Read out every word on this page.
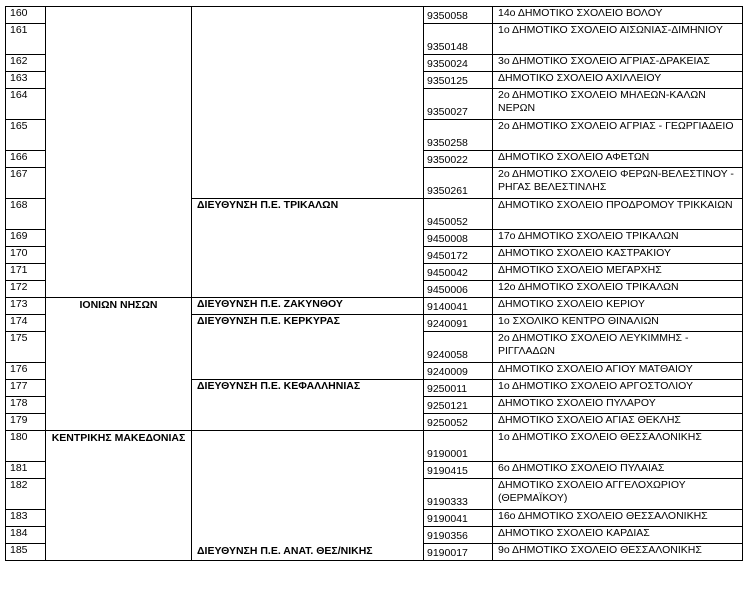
160			9350058	14ο ΔΗΜΟΤΙΚΟ ΣΧΟΛΕΙΟ ΒΟΛΟΥ
161			9350148	1ο ΔΗΜΟΤΙΚΟ ΣΧΟΛΕΙΟ ΑΙΣΩΝΙΑΣ-ΔΙΜΗΝΙΟΥ
162			9350024	3ο ΔΗΜΟΤΙΚΟ ΣΧΟΛΕΙΟ ΑΓΡΙΑΣ-ΔΡΑΚΕΙΑΣ
163			9350125	ΔΗΜΟΤΙΚΟ ΣΧΟΛΕΙΟ ΑΧΙΛΛΕΙΟΥ
164			9350027	2ο ΔΗΜΟΤΙΚΟ ΣΧΟΛΕΙΟ ΜΗΛΕΩΝ-ΚΑΛΩΝ ΝΕΡΩΝ
165			9350258	2ο ΔΗΜΟΤΙΚΟ ΣΧΟΛΕΙΟ ΑΓΡΙΑΣ - ΓΕΩΡΓΙΑΔΕΙΟ
166			9350022	ΔΗΜΟΤΙΚΟ ΣΧΟΛΕΙΟ ΑΦΕΤΩΝ
167			9350261	2ο ΔΗΜΟΤΙΚΟ ΣΧΟΛΕΙΟ ΦΕΡΩΝ-ΒΕΛΕΣΤΙΝΟΥ - ΡΗΓΑΣ ΒΕΛΕΣΤΙΝΛΗΣ
168		ΔΙΕΥΘΥΝΣΗ Π.Ε. ΤΡΙΚΑΛΩΝ	9450052	ΔΗΜΟΤΙΚΟ ΣΧΟΛΕΙΟ ΠΡΟΔΡΟΜΟΥ ΤΡΙΚΚΑΙΩΝ
169			9450008	17ο ΔΗΜΟΤΙΚΟ ΣΧΟΛΕΙΟ ΤΡΙΚΑΛΩΝ
170			9450172	ΔΗΜΟΤΙΚΟ ΣΧΟΛΕΙΟ ΚΑΣΤΡΑΚΙΟΥ
171			9450042	ΔΗΜΟΤΙΚΟ ΣΧΟΛΕΙΟ ΜΕΓΑΡΧΗΣ
172			9450006	12ο ΔΗΜΟΤΙΚΟ ΣΧΟΛΕΙΟ ΤΡΙΚΑΛΩΝ
173	ΙΟΝΙΩΝ ΝΗΣΩΝ	ΔΙΕΥΘΥΝΣΗ Π.Ε. ΖΑΚΥΝΘΟΥ	9140041	ΔΗΜΟΤΙΚΟ ΣΧΟΛΕΙΟ ΚΕΡΙΟΥ
174		ΔΙΕΥΘΥΝΣΗ Π.Ε. ΚΕΡΚΥΡΑΣ	9240091	1ο ΣΧΟΛΙΚΟ ΚΕΝΤΡΟ ΘΙΝΑΛΙΩΝ
175			9240058	2ο ΔΗΜΟΤΙΚΟ ΣΧΟΛΕΙΟ ΛΕΥΚΙΜΜΗΣ - ΡΙΓΓΛΑΔΩΝ
176			9240009	ΔΗΜΟΤΙΚΟ ΣΧΟΛΕΙΟ ΑΓΙΟΥ ΜΑΤΘΑΙΟΥ
177		ΔΙΕΥΘΥΝΣΗ Π.Ε. ΚΕΦΑΛΛΗΝΙΑΣ	9250011	1ο ΔΗΜΟΤΙΚΟ ΣΧΟΛΕΙΟ ΑΡΓΟΣΤΟΛΙΟΥ
178			9250121	ΔΗΜΟΤΙΚΟ ΣΧΟΛΕΙΟ ΠΥΛΑΡΟΥ
179			9250052	ΔΗΜΟΤΙΚΟ ΣΧΟΛΕΙΟ ΑΓΙΑΣ ΘΕΚΛΗΣ
180	ΚΕΝΤΡΙΚΗΣ ΜΑΚΕΔΟΝΙΑΣ	ΔΙΕΥΘΥΝΣΗ Π.Ε. ΑΝΑΤ. ΘΕΣ/ΝΙΚΗΣ	9190001	1ο ΔΗΜΟΤΙΚΟ ΣΧΟΛΕΙΟ ΘΕΣΣΑΛΟΝΙΚΗΣ
181			9190415	6ο ΔΗΜΟΤΙΚΟ ΣΧΟΛΕΙΟ ΠΥΛΑΙΑΣ
182			9190333	ΔΗΜΟΤΙΚΟ ΣΧΟΛΕΙΟ ΑΓΓΕΛΟΧΩΡΙΟΥ (ΘΕΡΜΑΪΚΟΥ)
183			9190041	16ο ΔΗΜΟΤΙΚΟ ΣΧΟΛΕΙΟ ΘΕΣΣΑΛΟΝΙΚΗΣ
184			9190356	ΔΗΜΟΤΙΚΟ ΣΧΟΛΕΙΟ ΚΑΡΔΙΑΣ
185			9190017	9ο ΔΗΜΟΤΙΚΟ ΣΧΟΛΕΙΟ ΘΕΣΣΑΛΟΝΙΚΗΣ
